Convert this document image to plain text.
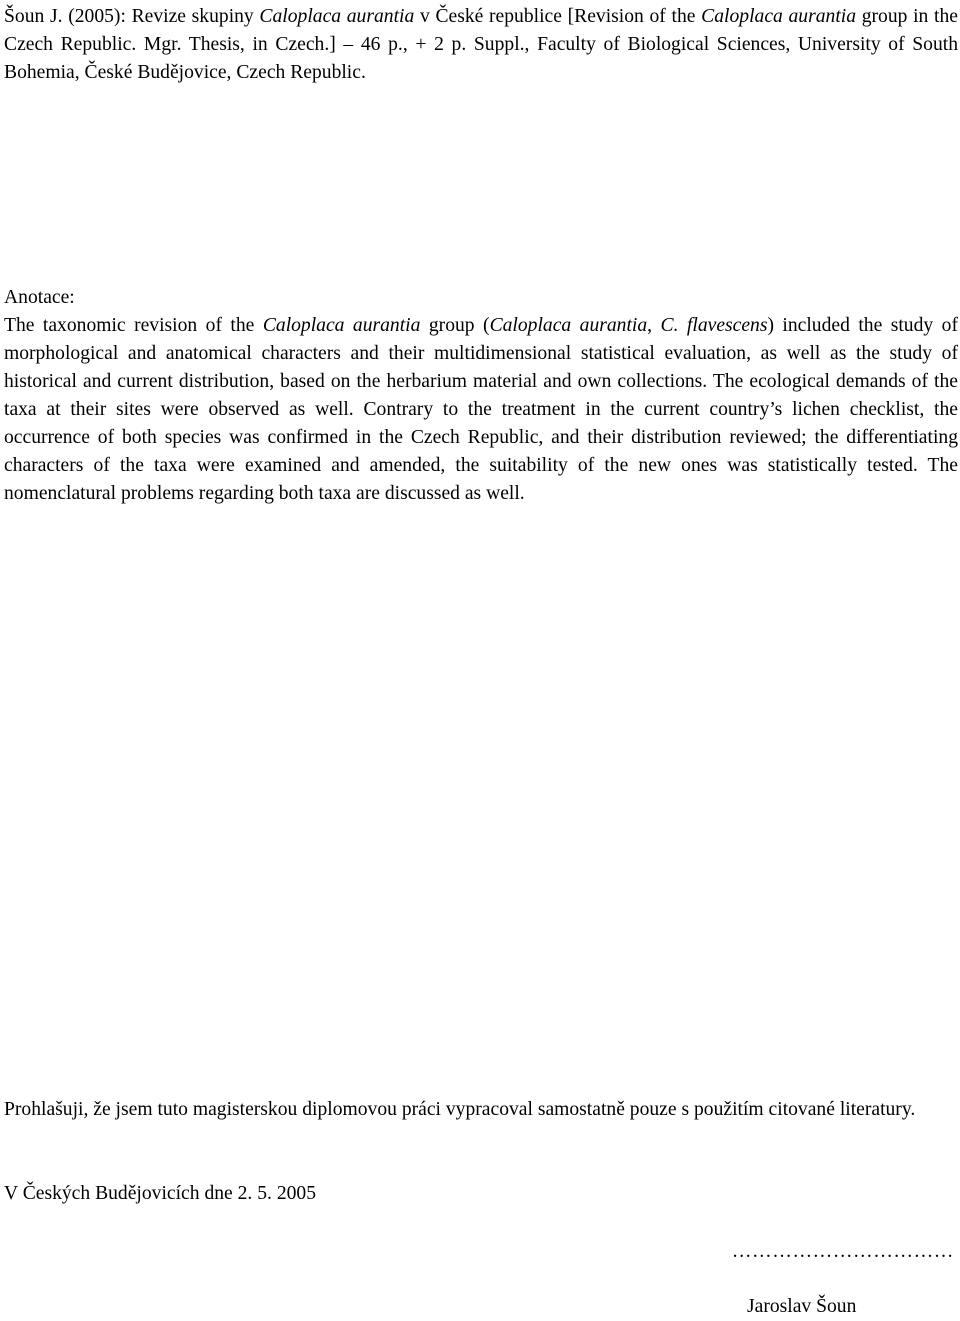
Šoun J. (2005): Revize skupiny Caloplaca aurantia v České republice [Revision of the Caloplaca aurantia group in the Czech Republic. Mgr. Thesis, in Czech.] – 46 p., + 2 p. Suppl., Faculty of Biological Sciences, University of South Bohemia, České Budějovice, Czech Republic.

Anotace:
The taxonomic revision of the Caloplaca aurantia group (Caloplaca aurantia, C. flavescens) included the study of morphological and anatomical characters and their multidimensional statistical evaluation, as well as the study of historical and current distribution, based on the herbarium material and own collections. The ecological demands of the taxa at their sites were observed as well. Contrary to the treatment in the current country’s lichen checklist, the occurrence of both species was confirmed in the Czech Republic, and their distribution reviewed; the differentiating characters of the taxa were examined and amended, the suitability of the new ones was statistically tested. The nomenclatural problems regarding both taxa are discussed as well.

Prohlašuji, že jsem tuto magisterskou diplomovou práci vypracoval samostatně pouze s použitím citované literatury.

V Českých Budějovicích dne 2. 5. 2005

……………………………

Jaroslav Šoun
